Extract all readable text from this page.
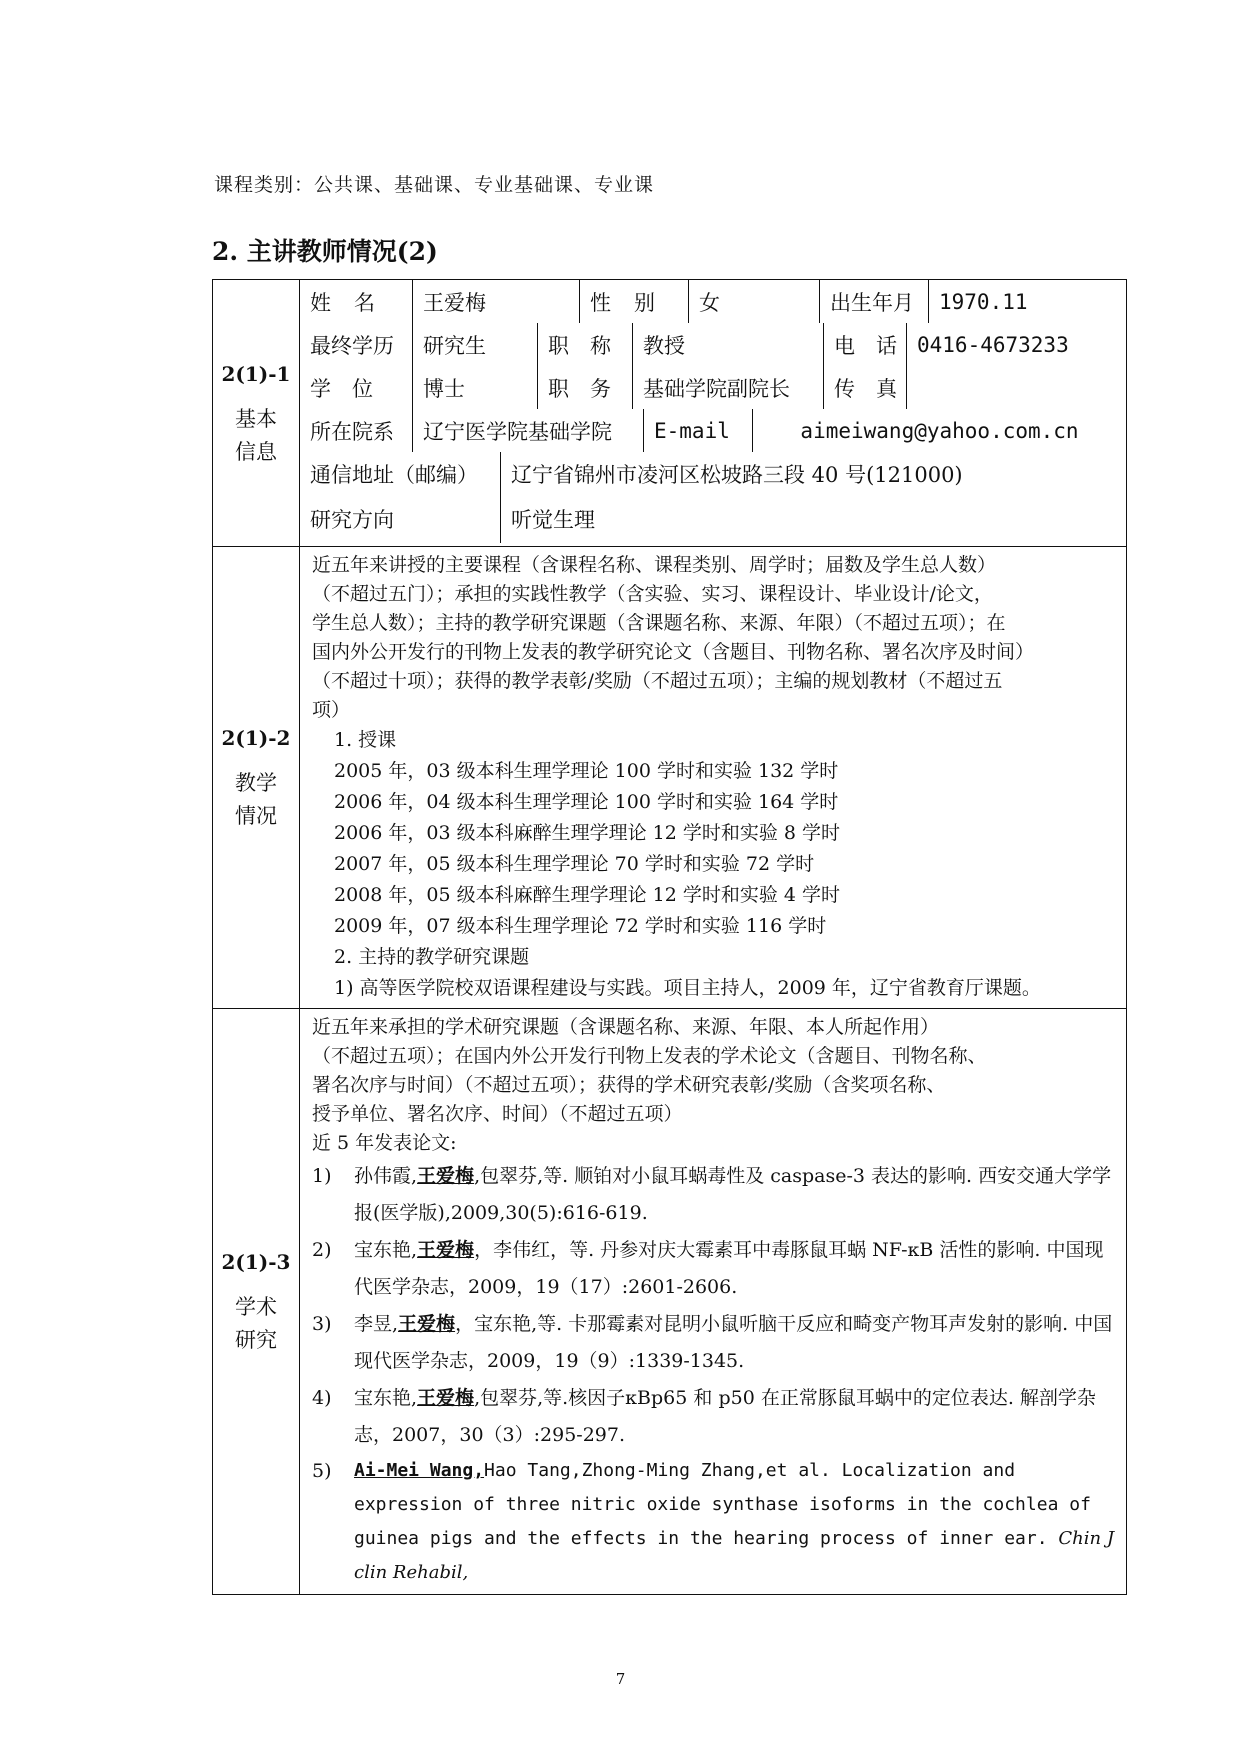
课程类别：公共课、基础课、专业基础课、专业课
2. 主讲教师情况(2)
2(1)-1
基本
信息	
姓　名	王爱梅	性　别	女	出生年月	1970.11
最终学历	研究生	职　称	教授	电　话	0416-4673233
学　位	博士	职　务	基础学院副院长	传　真	
所在院系	辽宁医学院基础学院	E-mail	aimeiwang@yahoo.com.cn
通信地址（邮编）	辽宁省锦州市凌河区松坡路三段 40 号(121000)
研究方向	听觉生理

2(1)-2
教学
情况	

近五年来讲授的主要课程（含课程名称、课程类别、周学时；届数及学生总人数）

（不超过五门）；承担的实践性教学（含实验、实习、课程设计、毕业设计/论文，

学生总人数）；主持的教学研究课题（含课题名称、来源、年限）（不超过五项）；在

国内外公开发行的刊物上发表的教学研究论文（含题目、刊物名称、署名次序及时间）

（不超过十项）；获得的教学表彰/奖励（不超过五项）；主编的规划教材（不超过五

项）

1. 授课

2005 年，03 级本科生理学理论 100 学时和实验 132 学时

2006 年，04 级本科生理学理论 100 学时和实验 164 学时

2006 年，03 级本科麻醉生理学理论 12 学时和实验 8 学时

2007 年，05 级本科生理学理论 70 学时和实验 72 学时

2008 年，05 级本科麻醉生理学理论 12 学时和实验 4 学时

2009 年，07 级本科生理学理论 72 学时和实验 116 学时

2. 主持的教学研究课题

1) 高等医学院校双语课程建设与实践。项目主持人，2009 年，辽宁省教育厅课题。

2(1)-3
学术
研究	

近五年来承担的学术研究课题（含课题名称、来源、年限、本人所起作用）

（不超过五项）；在国内外公开发行刊物上发表的学术论文（含题目、刊物名称、

署名次序与时间）（不超过五项）；获得的学术研究表彰/奖励（含奖项名称、

授予单位、署名次序、时间）（不超过五项）

近 5 年发表论文:

1)	孙伟霞,王爱梅,包翠芬,等. 顺铂对小鼠耳蜗毒性及 caspase-3 表达的影响. 西安交通大学学报(医学版),2009,30(5):616-619.
2)	宝东艳,王爱梅，李伟红，等. 丹参对庆大霉素耳中毒豚鼠耳蜗 NF-κB 活性的影响. 中国现代医学杂志，2009，19（17）:2601-2606.
3)	李昱,王爱梅，宝东艳,等. 卡那霉素对昆明小鼠听脑干反应和畸变产物耳声发射的影响. 中国现代医学杂志，2009，19（9）:1339-1345.
4)	宝东艳,王爱梅,包翠芬,等.核因子κBp65 和 p50 在正常豚鼠耳蜗中的定位表达. 解剖学杂志，2007，30（3）:295-297.
5)	Ai-Mei Wang,Hao Tang,Zhong-Ming Zhang,et al. Localization and expression of three nitric oxide synthase isoforms in the cochlea of guinea pigs and the effects in the hearing process of inner ear. Chin J clin Rehabil,
7
